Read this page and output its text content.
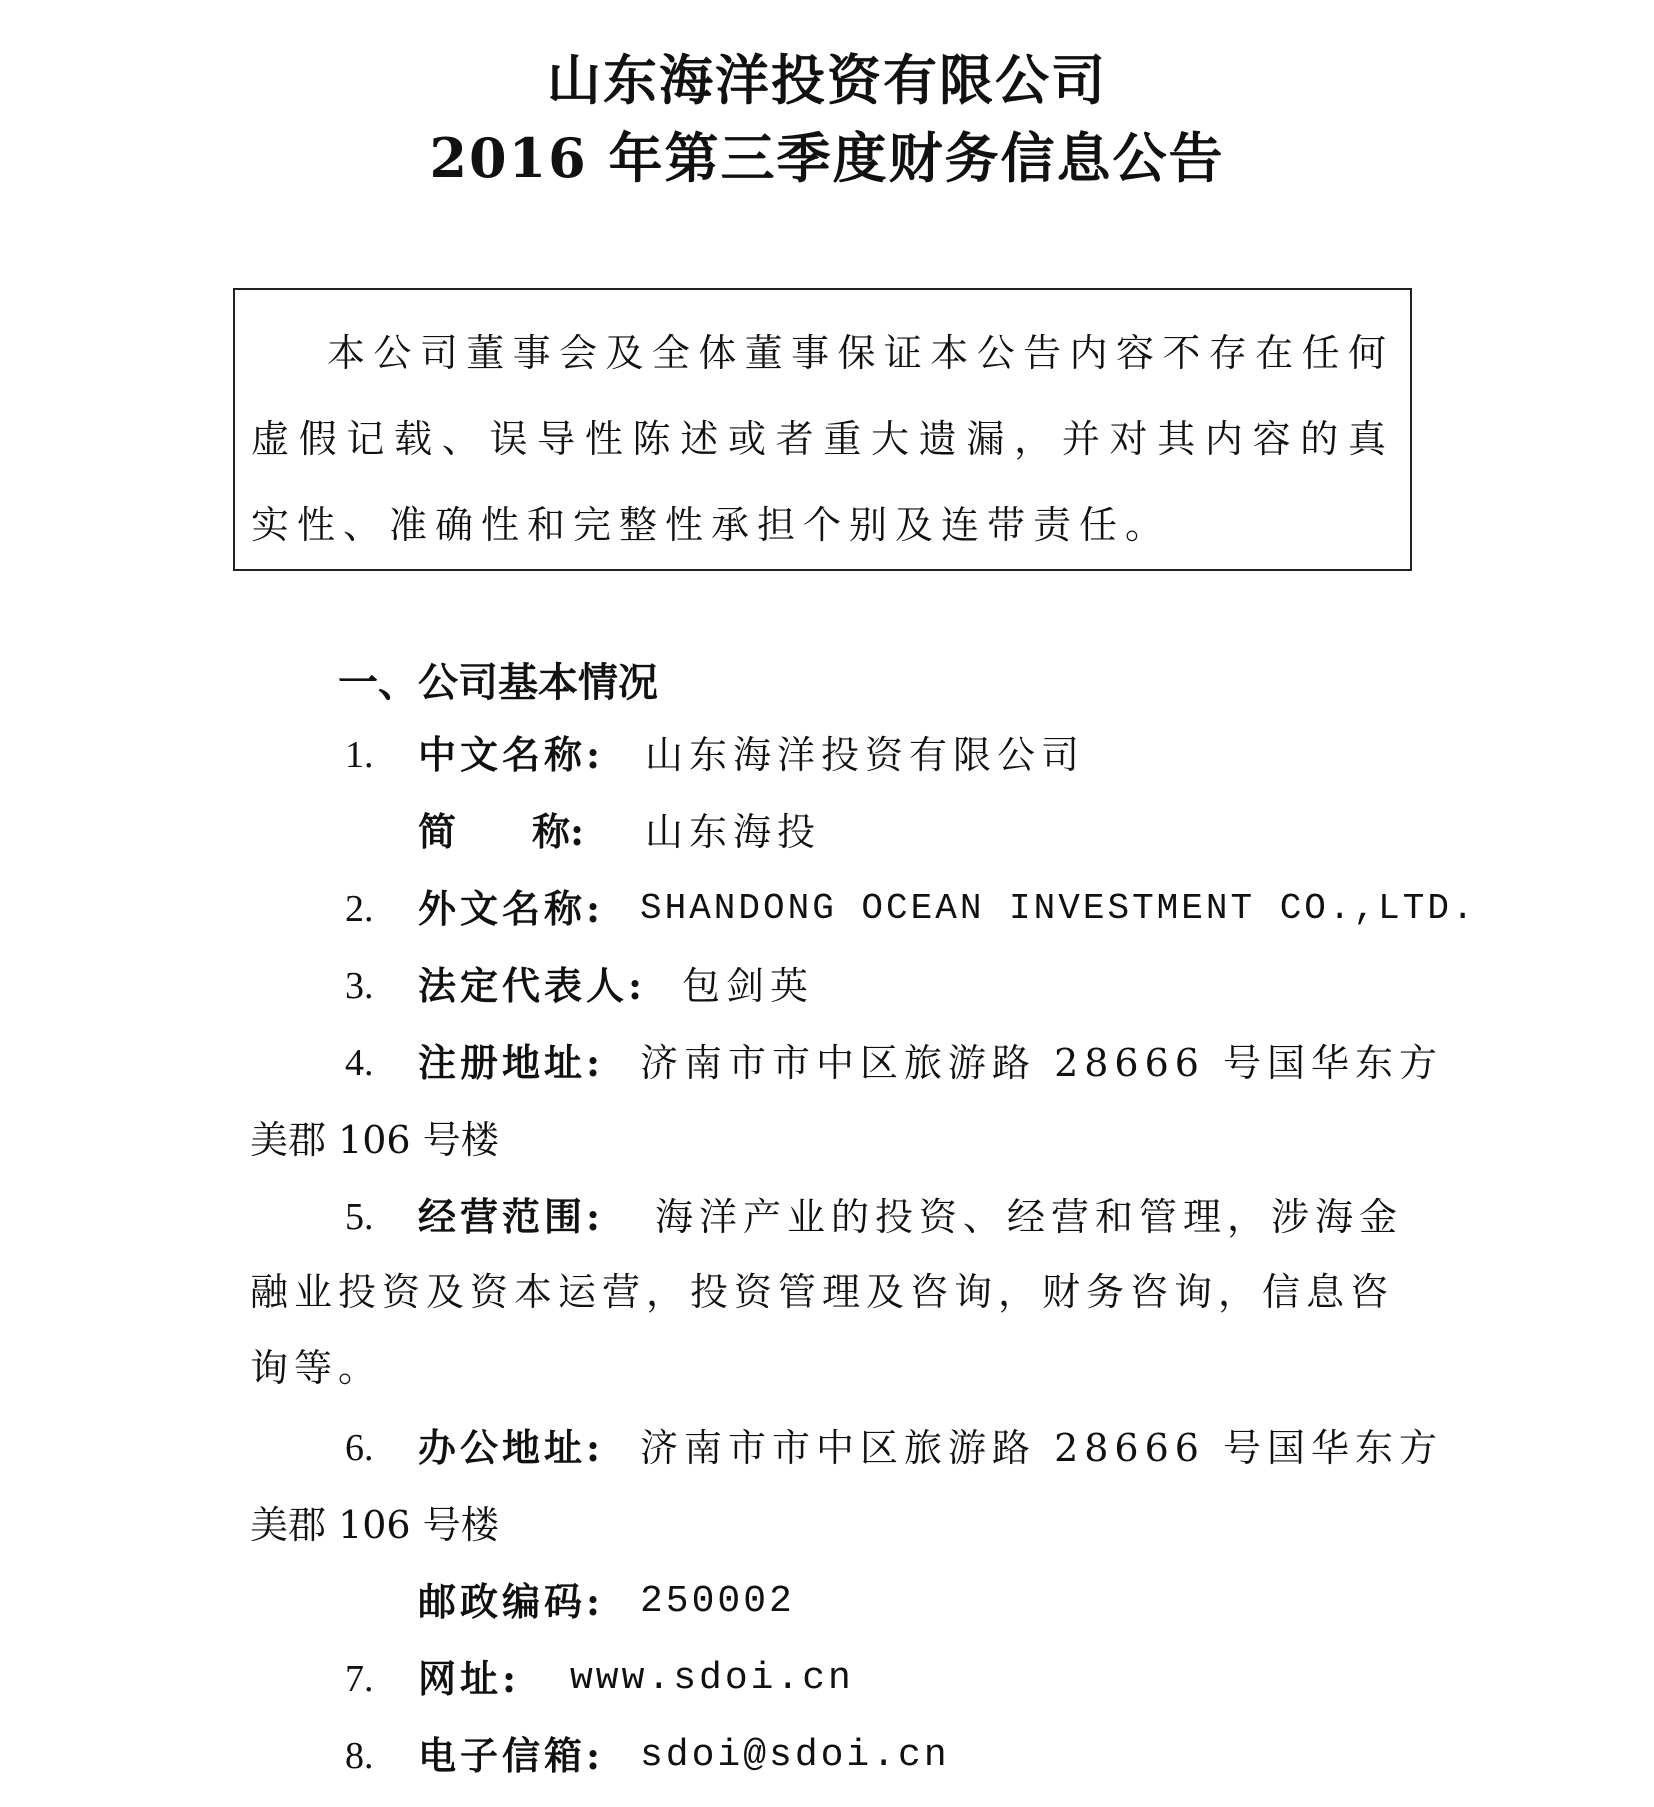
山东海洋投资有限公司
2016 年第三季度财务信息公告
本公司董事会及全体董事保证本公告内容不存在任何虚假记载、误导性陈述或者重大遗漏，并对其内容的真实性、准确性和完整性承担个别及连带责任。
一、公司基本情况
1.	中文名称: 山东海洋投资有限公司
简　　称: 山东海投
2.	外文名称: SHANDONG OCEAN INVESTMENT CO.,LTD.
3.	法定代表人: 包剑英
4.	注册地址: 济南市市中区旅游路 28666 号国华东方
美郡 106 号楼
5.	经营范围: 海洋产业的投资、经营和管理，涉海金
融业投资及资本运营，投资管理及咨询，财务咨询，信息咨询等。
6.	办公地址: 济南市市中区旅游路 28666 号国华东方
美郡 106 号楼
邮政编码: 250002
7.	网址: www.sdoi.cn
8.	电子信箱: sdoi@sdoi.cn
